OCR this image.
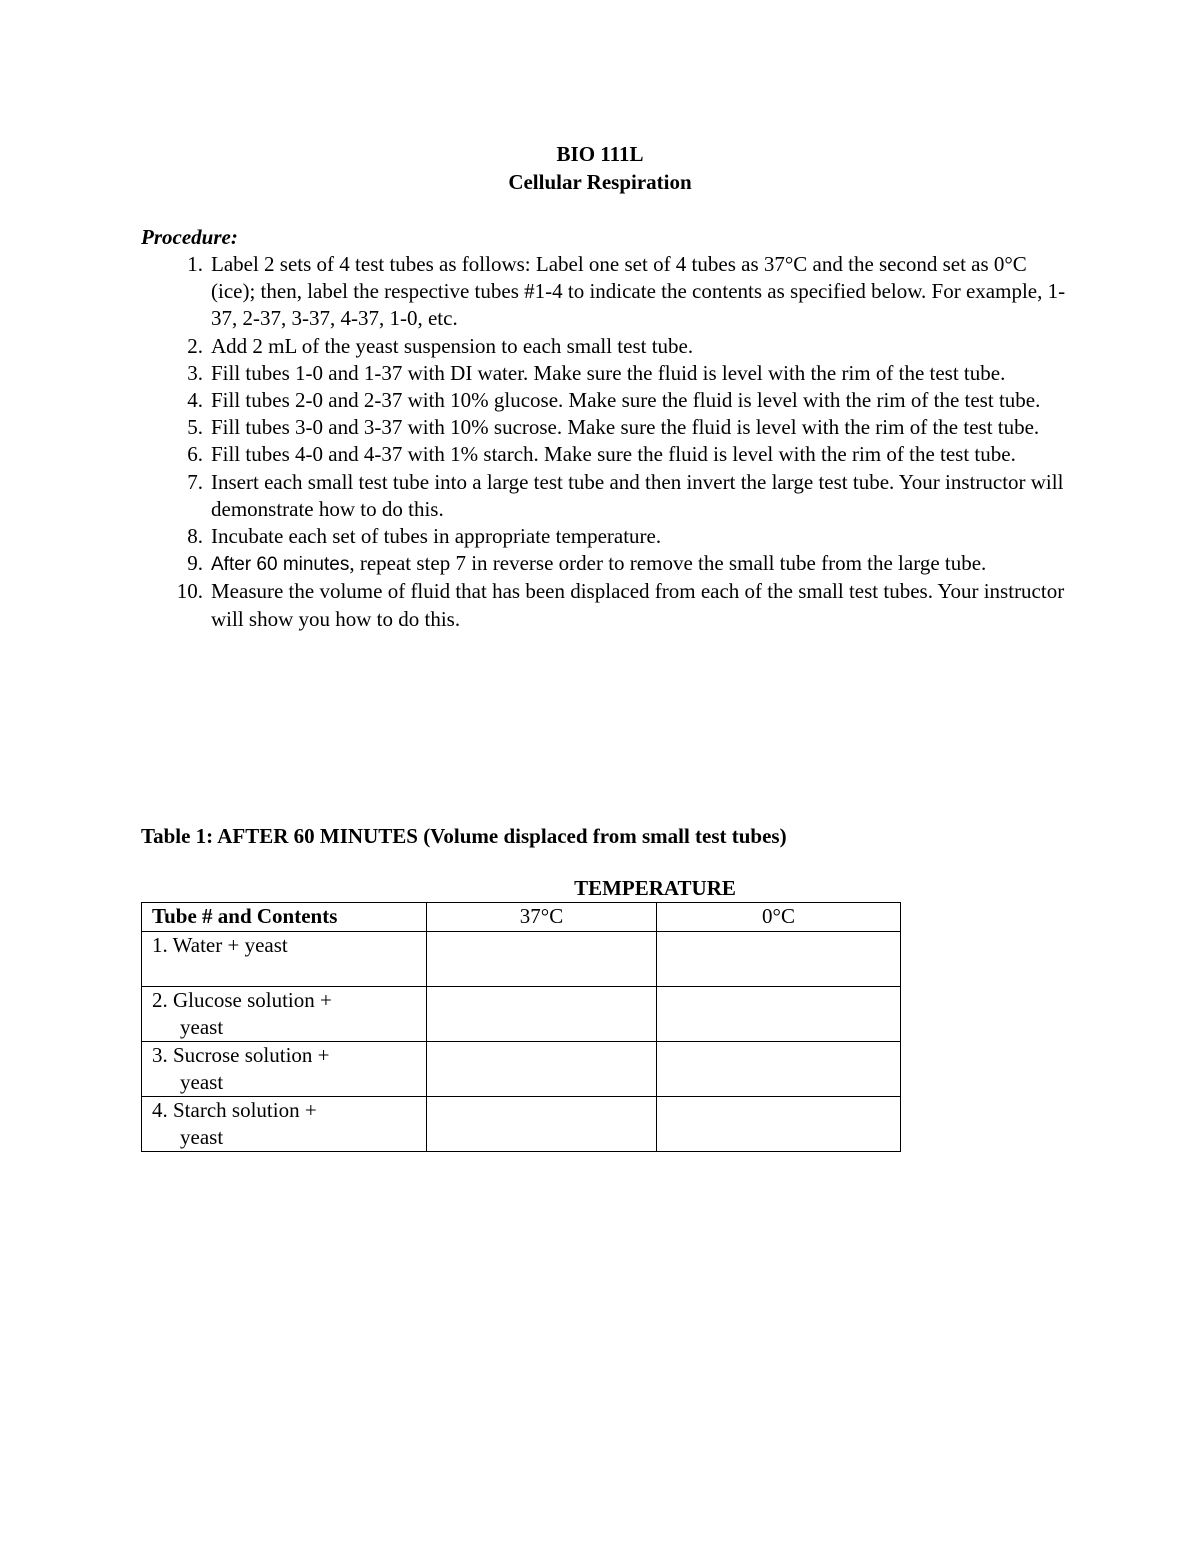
BIO 111L
Cellular Respiration
Procedure:
1. Label 2 sets of 4 test tubes as follows: Label one set of 4 tubes as 37°C and the second set as 0°C (ice); then, label the respective tubes #1-4 to indicate the contents as specified below. For example, 1-37, 2-37, 3-37, 4-37, 1-0, etc.
2. Add 2 mL of the yeast suspension to each small test tube.
3. Fill tubes 1-0 and 1-37 with DI water. Make sure the fluid is level with the rim of the test tube.
4. Fill tubes 2-0 and 2-37 with 10% glucose. Make sure the fluid is level with the rim of the test tube.
5. Fill tubes 3-0 and 3-37 with 10% sucrose. Make sure the fluid is level with the rim of the test tube.
6. Fill tubes 4-0 and 4-37 with 1% starch. Make sure the fluid is level with the rim of the test tube.
7. Insert each small test tube into a large test tube and then invert the large test tube. Your instructor will demonstrate how to do this.
8. Incubate each set of tubes in appropriate temperature.
9. After 60 minutes, repeat step 7 in reverse order to remove the small tube from the large tube.
10. Measure the volume of fluid that has been displaced from each of the small test tubes. Your instructor will show you how to do this.
Table 1: AFTER 60 MINUTES (Volume displaced from small test tubes)
TEMPERATURE
Tube # and Contents	37°C	0°C
1. Water + yeast

2. Glucose solution +
yeast		

3. Sucrose solution +
yeast		

4. Starch solution +
yeast		
